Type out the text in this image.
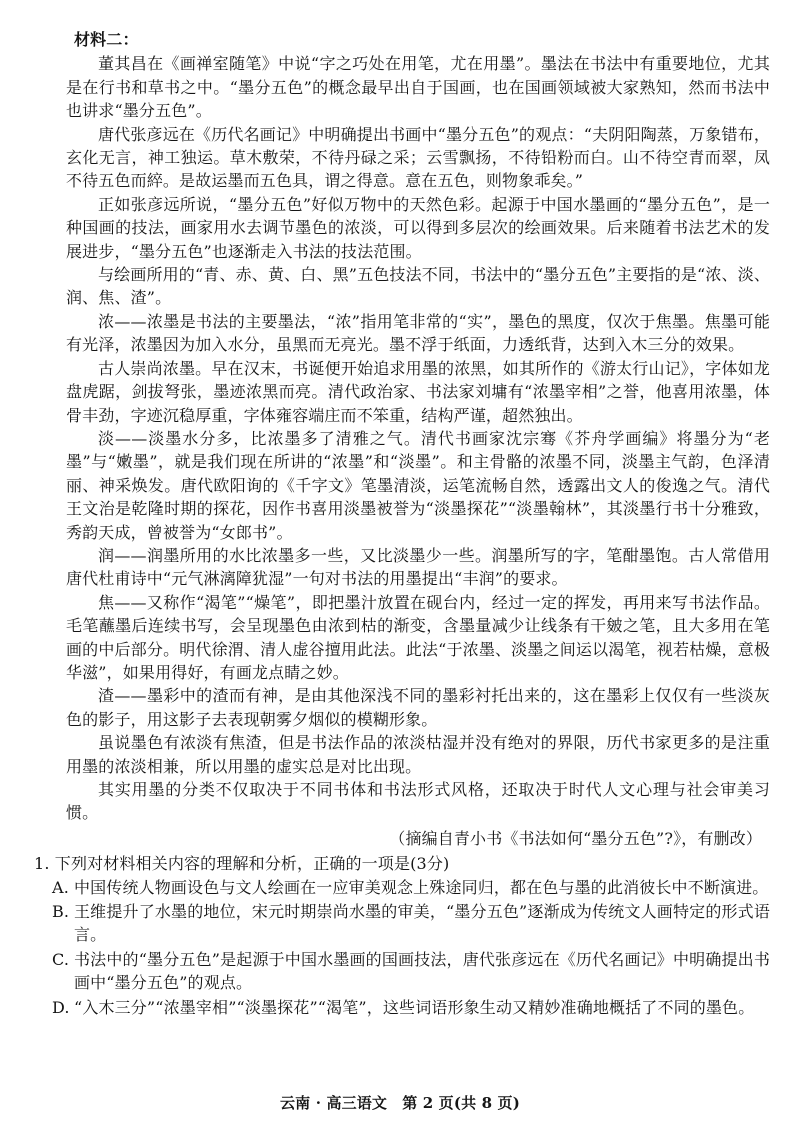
材料二：

董其昌在《画禅室随笔》中说“字之巧处在用笔，尤在用墨”。墨法在书法中有重要地位，尤其是在行书和草书之中。“墨分五色”的概念最早出自于国画，也在国画领域被大家熟知，然而书法中也讲求“墨分五色”。

唐代张彦远在《历代名画记》中明确提出书画中“墨分五色”的观点：“夫阴阳陶蒸，万象错布，玄化无言，神工独运。草木敷荣，不待丹碌之采；云雪飘扬，不待铅粉而白。山不待空青而翠，凤不待五色而綷。是故运墨而五色具，谓之得意。意在五色，则物象乖矣。”

正如张彦远所说，“墨分五色”好似万物中的天然色彩。起源于中国水墨画的“墨分五色”，是一种国画的技法，画家用水去调节墨色的浓淡，可以得到多层次的绘画效果。后来随着书法艺术的发展进步，“墨分五色”也逐渐走入书法的技法范围。

与绘画所用的“青、赤、黄、白、黑”五色技法不同，书法中的“墨分五色”主要指的是“浓、淡、润、焦、渣”。

浓——浓墨是书法的主要墨法，“浓”指用笔非常的“实”，墨色的黑度，仅次于焦墨。焦墨可能有光泽，浓墨因为加入水分，虽黑而无亮光。墨不浮于纸面，力透纸背，达到入木三分的效果。

古人崇尚浓墨。早在汉末，书诞便开始追求用墨的浓黑，如其所作的《游太行山记》，字体如龙盘虎踞，剑拔弩张，墨迹浓黑而亮。清代政治家、书法家刘墉有“浓墨宰相”之誉，他喜用浓墨，体骨丰劲，字迹沉稳厚重，字体雍容端庄而不笨重，结构严谨，超然独出。

淡——淡墨水分多，比浓墨多了清雅之气。清代书画家沈宗骞《芥舟学画编》将墨分为“老墨”与“嫩墨”，就是我们现在所讲的“浓墨”和“淡墨”。和主骨骼的浓墨不同，淡墨主气韵，色泽清丽、神采焕发。唐代欧阳询的《千字文》笔墨清淡，运笔流畅自然，透露出文人的俊逸之气。清代王文治是乾隆时期的探花，因作书喜用淡墨被誉为“淡墨探花”“淡墨翰林”，其淡墨行书十分雅致，秀韵天成，曾被誉为“女郎书”。

润——润墨所用的水比浓墨多一些，又比淡墨少一些。润墨所写的字，笔酣墨饱。古人常借用唐代杜甫诗中“元气淋漓障犹湿”一句对书法的用墨提出“丰润”的要求。

焦——又称作“渴笔”“燥笔”，即把墨汁放置在砚台内，经过一定的挥发，再用来写书法作品。毛笔蘸墨后连续书写，会呈现墨色由浓到枯的渐变，含墨量减少让线条有干皴之笔，且大多用在笔画的中后部分。明代徐渭、清人虚谷擅用此法。此法“于浓墨、淡墨之间运以渴笔，视若枯燥，意极华滋”，如果用得好，有画龙点睛之妙。

渣——墨彩中的渣而有神，是由其他深浅不同的墨彩衬托出来的，这在墨彩上仅仅有一些淡灰色的影子，用这影子去表现朝雾夕烟似的模糊形象。

虽说墨色有浓淡有焦渣，但是书法作品的浓淡枯湿并没有绝对的界限，历代书家更多的是注重用墨的浓淡相兼，所以用墨的虚实总是对比出现。

其实用墨的分类不仅取决于不同书体和书法形式风格，还取决于时代人文心理与社会审美习惯。

（摘编自青小书《书法如何“墨分五色”?》，有删改）
1. 下列对材料相关内容的理解和分析，正确的一项是(3分)
A. 中国传统人物画设色与文人绘画在一应审美观念上殊途同归，都在色与墨的此消彼长中不断演进。
B. 王维提升了水墨的地位，宋元时期崇尚水墨的审美，“墨分五色”逐渐成为传统文人画特定的形式语言。
C. 书法中的“墨分五色”是起源于中国水墨画的国画技法，唐代张彦远在《历代名画记》中明确提出书画中“墨分五色”的观点。
D. “入木三分”“浓墨宰相”“淡墨探花”“渴笔”，这些词语形象生动又精妙准确地概括了不同的墨色。
云南 · 高三语文　第 2 页(共 8 页)
